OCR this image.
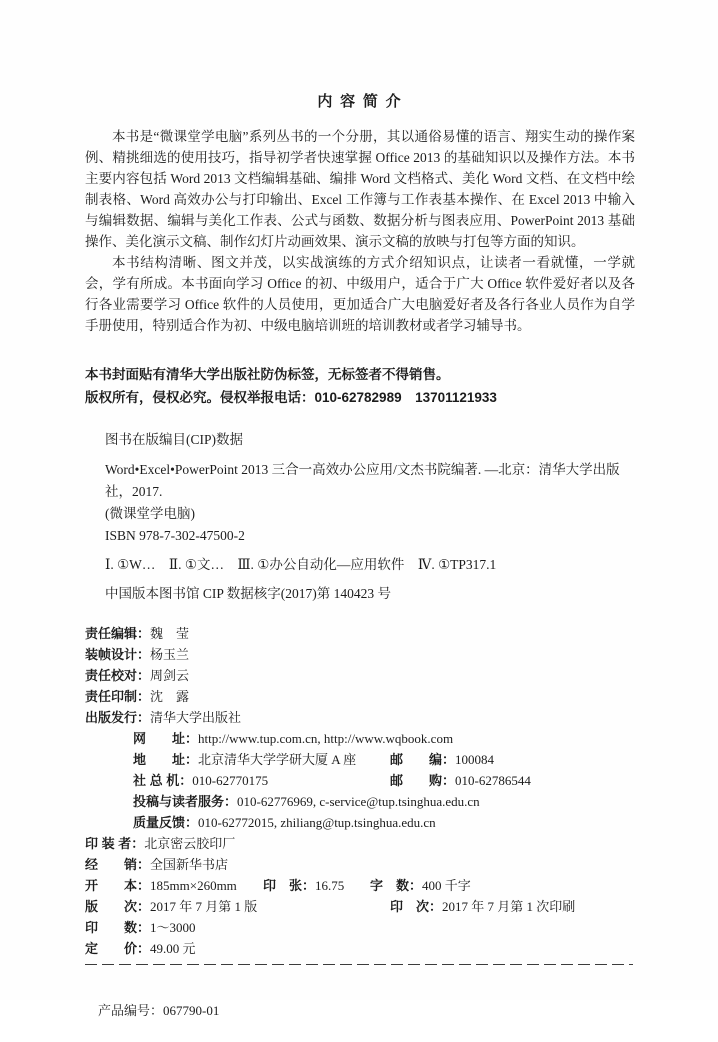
内 容 简 介

本书是“微课堂学电脑”系列丛书的一个分册，其以通俗易懂的语言、翔实生动的操作案例、精挑细选的使用技巧，指导初学者快速掌握 Office 2013 的基础知识以及操作方法。本书主要内容包括 Word 2013 文档编辑基础、编排 Word 文档格式、美化 Word 文档、在文档中绘制表格、Word 高效办公与打印输出、Excel 工作簿与工作表基本操作、在 Excel 2013 中输入与编辑数据、编辑与美化工作表、公式与函数、数据分析与图表应用、PowerPoint 2013 基础操作、美化演示文稿、制作幻灯片动画效果、演示文稿的放映与打包等方面的知识。

本书结构清晰、图文并茂，以实战演练的方式介绍知识点，让读者一看就懂，一学就会，学有所成。本书面向学习 Office 的初、中级用户，适合于广大 Office 软件爱好者以及各行各业需要学习 Office 软件的人员使用，更加适合广大电脑爱好者及各行各业人员作为自学手册使用，特别适合作为初、中级电脑培训班的培训教材或者学习辅导书。

本书封面贴有清华大学出版社防伪标签，无标签者不得销售。
版权所有，侵权必究。侵权举报电话：010-62782989　13701121933
图书在版编目(CIP)数据
Word•Excel•PowerPoint 2013 三合一高效办公应用/文杰书院编著. —北京：清华大学出版社，2017.
(微课堂学电脑)
ISBN 978-7-302-47500-2
Ⅰ. ①W…　Ⅱ. ①文…　Ⅲ. ①办公自动化—应用软件　Ⅳ. ①TP317.1
中国版本图书馆 CIP 数据核字(2017)第 140423 号
责任编辑： 魏　莹
装帧设计： 杨玉兰
责任校对： 周剑云
责任印制： 沈　露
出版发行： 清华大学出版社
网　　址： http://www.tup.com.cn, http://www.wqbook.com
地　　址：北京清华大学学研大厦 A 座	邮　　编：100084
社 总 机：010-62770175	邮　　购：010-62786544
投稿与读者服务： 010-62776969, c-service@tup.tsinghua.edu.cn
质量反馈： 010-62772015, zhiliang@tup.tsinghua.edu.cn
印 装 者： 北京密云胶印厂
经　　销： 全国新华书店
开　　本：185mm×260mm	印　张：16.75	字　数：400 千字
版　　次：2017 年 7 月第 1 版	印　次：2017 年 7 月第 1 次印刷
印　　数： 1～3000
定　　价： 49.00 元

产品编号：067790-01
